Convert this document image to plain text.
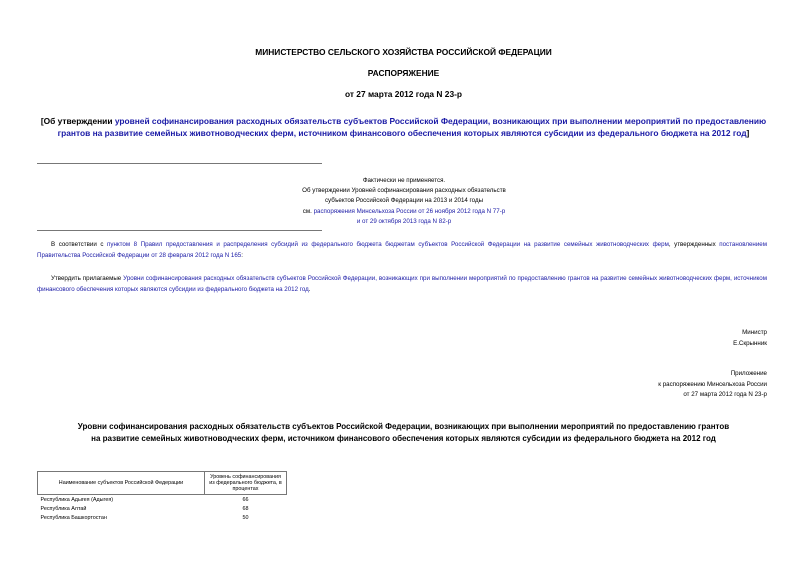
МИНИСТЕРСТВО СЕЛЬСКОГО ХОЗЯЙСТВА РОССИЙСКОЙ ФЕДЕРАЦИИ
РАСПОРЯЖЕНИЕ
от 27 марта 2012 года N 23-р
[Об утверждении уровней софинансирования расходных обязательств субъектов Российской Федерации, возникающих при выполнении мероприятий по предоставлению грантов на развитие семейных животноводческих ферм, источником финансового обеспечения которых являются субсидии из федерального бюджета на 2012 год]
Фактически не применяется.
Об утверждении Уровней софинансирования расходных обязательств
субъектов Российской Федерации на 2013 и 2014 годы
см. распоряжения Минсельхоза России от 26 ноября 2012 года N 77-р
и от 29 октября 2013 года N 82-р

В соответствии с пунктом 8 Правил предоставления и распределения субсидий из федерального бюджета бюджетам субъектов Российской Федерации на развитие семейных животноводческих ферм, утвержденных постановлением Правительства Российской Федерации от 28 февраля 2012 года N 165:

Утвердить прилагаемые Уровни софинансирования расходных обязательств субъектов Российской Федерации, возникающих при выполнении мероприятий по предоставлению грантов на развитие семейных животноводческих ферм, источником финансового обеспечения которых являются субсидии из федерального бюджета на 2012 год.

Министр
Е.Скрынник
Приложение
к распоряжению Минсельхоза России
от 27 марта 2012 года N 23-р
Уровни софинансирования расходных обязательств субъектов Российской Федерации, возникающих при выполнении мероприятий по предоставлению грантов
на развитие семейных животноводческих ферм, источником финансового обеспечения которых являются субсидии из федерального бюджета на 2012 год
Наименование субъектов Российской Федерации	Уровень софинансирования из федерального бюджета, в процентах
Республика Адыгея (Адыгея)	66
Республика Алтай	68
Республика Башкортостан	50
